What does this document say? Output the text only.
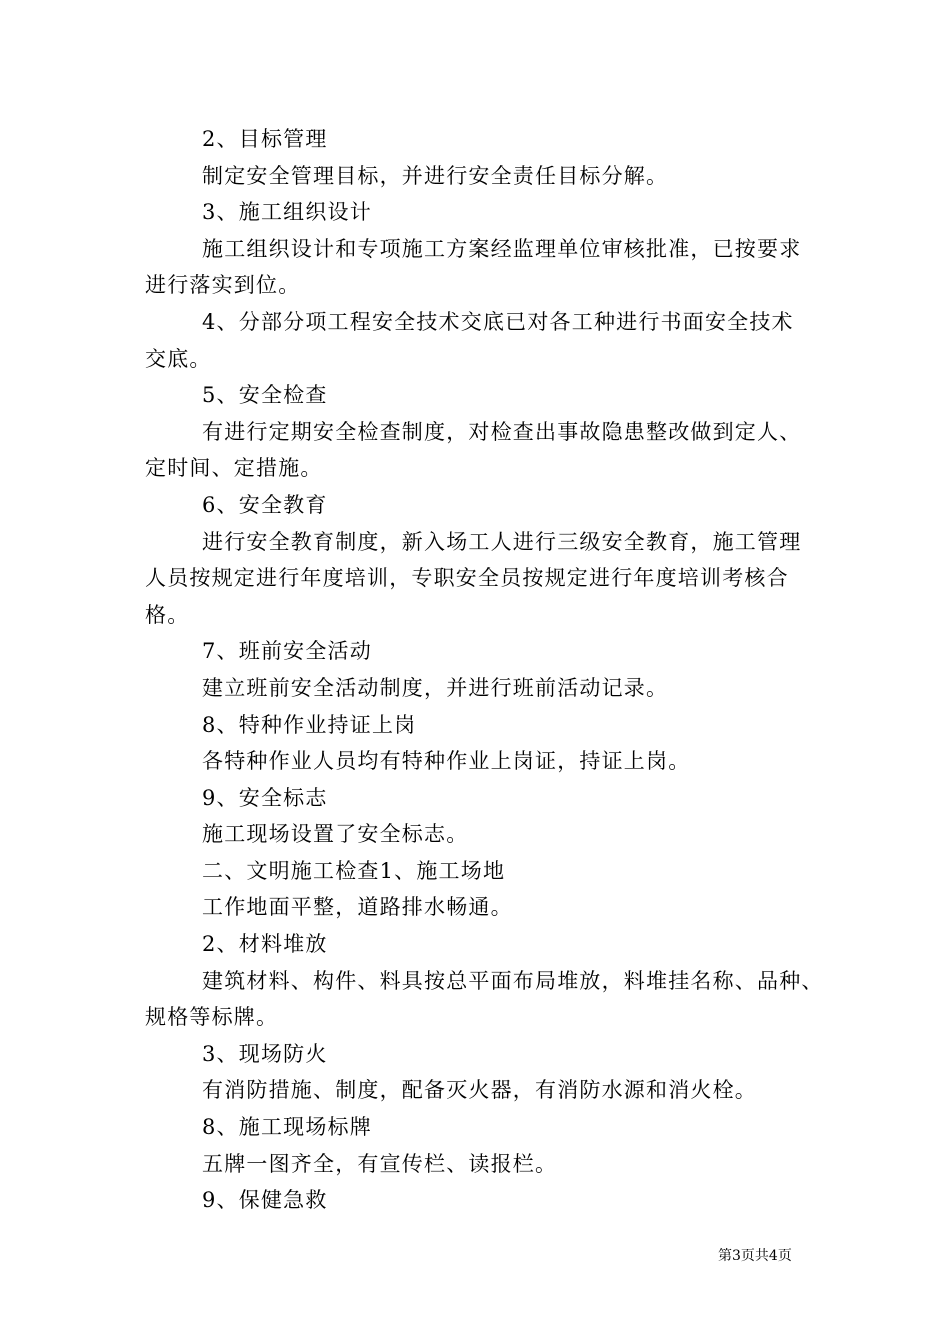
2、目标管理
制定安全管理目标，并进行安全责任目标分解。
3、施工组织设计
施工组织设计和专项施工方案经监理单位审核批准，已按要求
进行落实到位。
4、分部分项工程安全技术交底已对各工种进行书面安全技术
交底。
5、安全检查
有进行定期安全检查制度，对检查出事故隐患整改做到定人、
定时间、定措施。
6、安全教育
进行安全教育制度，新入场工人进行三级安全教育，施工管理
人员按规定进行年度培训，专职安全员按规定进行年度培训考核合
格。
7、班前安全活动
建立班前安全活动制度，并进行班前活动记录。
8、特种作业持证上岗
各特种作业人员均有特种作业上岗证，持证上岗。
9、安全标志
施工现场设置了安全标志。
二、文明施工检查1、施工场地
工作地面平整，道路排水畅通。
2、材料堆放
建筑材料、构件、料具按总平面布局堆放，料堆挂名称、品种、
规格等标牌。
3、现场防火
有消防措施、制度，配备灭火器，有消防水源和消火栓。
8、施工现场标牌
五牌一图齐全，有宣传栏、读报栏。
9、保健急救
第3页共4页
